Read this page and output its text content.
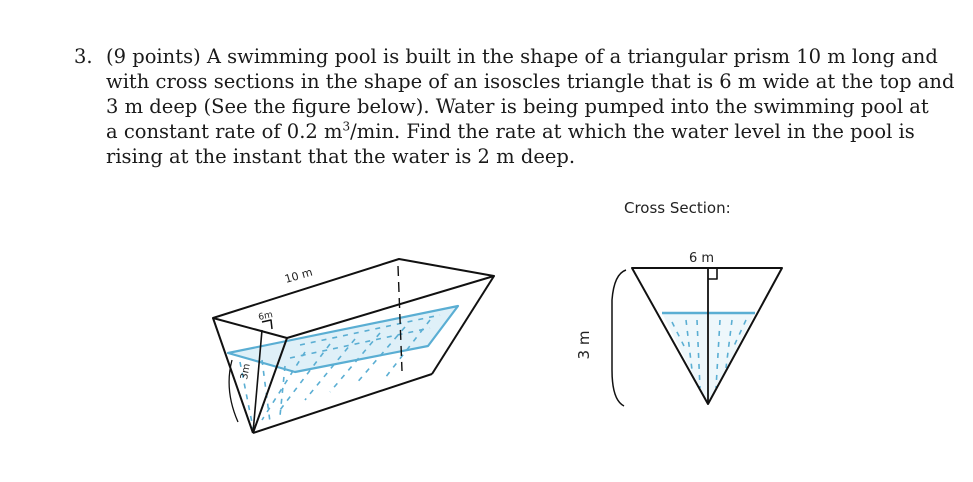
3. (9 points) A swimming pool is built in the shape of a triangular prism 10 m long and
with cross sections in the shape of an isoscles triangle that is 6 m wide at the top and
3 m deep (See the figure below). Water is being pumped into the swimming pool at
a constant rate of 0.2 $m^3/\min$. Find the rate at which the water level in the pool is
rising at the instant that the water is 2 m deep.
10 m
6m
3m
Cross Section:
6 m
3 m
